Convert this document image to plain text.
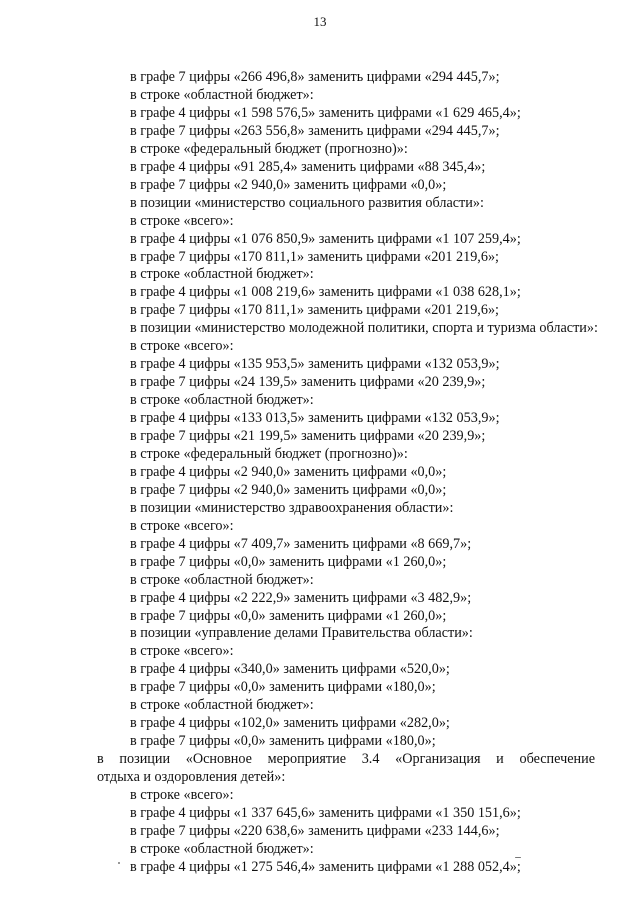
13
в графе 7 цифры «266 496,8» заменить цифрами «294 445,7»;
в строке «областной бюджет»:
в графе 4 цифры «1 598 576,5» заменить цифрами «1 629 465,4»;
в графе 7 цифры «263 556,8» заменить цифрами «294 445,7»;
в строке «федеральный бюджет (прогнозно)»:
в графе 4 цифры «91 285,4» заменить цифрами «88 345,4»;
в графе 7 цифры «2 940,0» заменить цифрами «0,0»;
в позиции «министерство социального развития области»:
в строке «всего»:
в графе 4 цифры «1 076 850,9» заменить цифрами «1 107 259,4»;
в графе 7 цифры «170 811,1» заменить цифрами «201 219,6»;
в строке «областной бюджет»:
в графе 4 цифры «1 008 219,6» заменить цифрами «1 038 628,1»;
в графе 7 цифры «170 811,1» заменить цифрами «201 219,6»;
в позиции «министерство молодежной политики, спорта и туризма области»:
в строке «всего»:
в графе 4 цифры «135 953,5» заменить цифрами «132 053,9»;
в графе 7 цифры «24 139,5» заменить цифрами «20 239,9»;
в строке «областной бюджет»:
в графе 4 цифры «133 013,5» заменить цифрами «132 053,9»;
в графе 7 цифры «21 199,5» заменить цифрами «20 239,9»;
в строке «федеральный бюджет (прогнозно)»:
в графе 4 цифры «2 940,0» заменить цифрами «0,0»;
в графе 7 цифры «2 940,0» заменить цифрами «0,0»;
в позиции «министерство здравоохранения области»:
в строке «всего»:
в графе 4 цифры «7 409,7» заменить цифрами «8 669,7»;
в графе 7 цифры «0,0» заменить цифрами «1 260,0»;
в строке «областной бюджет»:
в графе 4 цифры «2 222,9» заменить цифрами «3 482,9»;
в графе 7 цифры «0,0» заменить цифрами «1 260,0»;
в позиции «управление делами Правительства области»:
в строке «всего»:
в графе 4 цифры «340,0» заменить цифрами «520,0»;
в графе 7 цифры «0,0» заменить цифрами «180,0»;
в строке «областной бюджет»:
в графе 4 цифры «102,0» заменить цифрами «282,0»;
в графе 7 цифры «0,0» заменить цифрами «180,0»;
в позиции «Основное мероприятие 3.4 «Организация и обеспечение
отдыха и оздоровления детей»:
в строке «всего»:
в графе 4 цифры «1 337 645,6» заменить цифрами «1 350 151,6»;
в графе 7 цифры «220 638,6» заменить цифрами «233 144,6»;
в строке «областной бюджет»:
в графе 4 цифры «1 275 546,4» заменить цифрами «1 288 052,4»;
